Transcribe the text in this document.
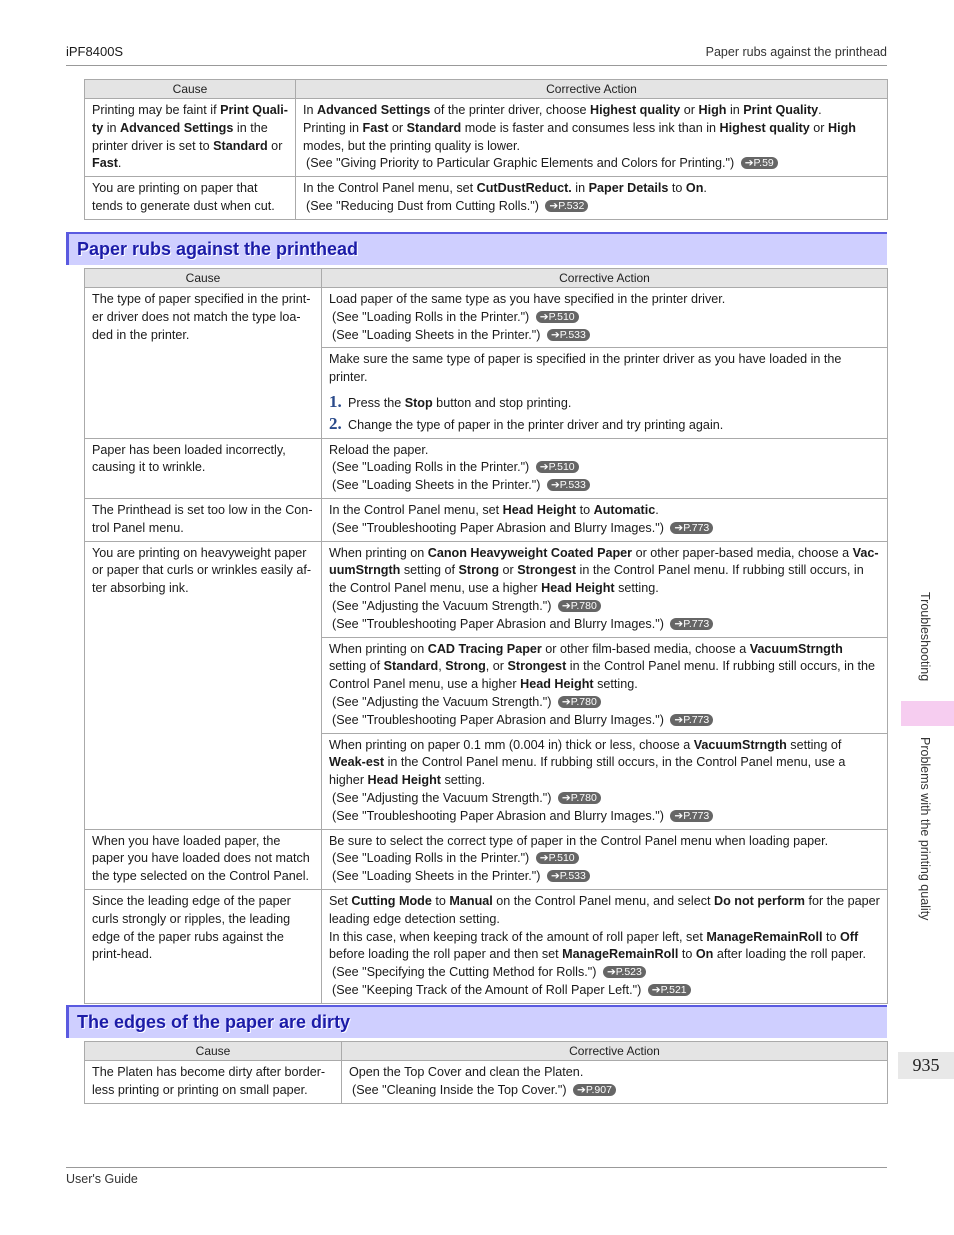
iPF8400S	Paper rubs against the printhead
Cause	Corrective Action
Printing may be faint if Print Quali-ty in Advanced Settings in the printer driver is set to Standard or Fast.	In Advanced Settings of the printer driver, choose Highest quality or High in Print Quality.
Printing in Fast or Standard mode is faster and consumes less ink than in Highest quality or High modes, but the printing quality is lower.

(See "Giving Priority to Particular Graphic Elements and Colors for Printing.") ➔P.59

You are printing on paper that tends to generate dust when cut.	In the Control Panel menu, set CutDustReduct. in Paper Details to On.

(See "Reducing Dust from Cutting Rolls.") ➔P.532
Paper rubs against the printhead
Cause	Corrective Action
The type of paper specified in the print-er driver does not match the type loa-ded in the printer.	Load paper of the same type as you have specified in the printer driver.

(See "Loading Rolls in the Printer.") ➔P.510
(See "Loading Sheets in the Printer.") ➔P.533

	Make sure the same type of paper is specified in the printer driver as you have loaded in the printer.

1. Press the Stop button and stop printing.
2. Change the type of paper in the printer driver and try printing again.

Paper has been loaded incorrectly, causing it to wrinkle.	Reload the paper.

(See "Loading Rolls in the Printer.") ➔P.510
(See "Loading Sheets in the Printer.") ➔P.533

The Printhead is set too low in the Con-trol Panel menu.	In the Control Panel menu, set Head Height to Automatic.

(See "Troubleshooting Paper Abrasion and Blurry Images.") ➔P.773

You are printing on heavyweight paper or paper that curls or wrinkles easily af-ter absorbing ink.	When printing on Canon Heavyweight Coated Paper or other paper-based media, choose a Vac-uumStrngth setting of Strong or Strongest in the Control Panel menu. If rubbing still occurs, in the Control Panel menu, use a higher Head Height setting.

(See "Adjusting the Vacuum Strength.") ➔P.780
(See "Troubleshooting Paper Abrasion and Blurry Images.") ➔P.773

	When printing on CAD Tracing Paper or other film-based media, choose a VacuumStrngth setting of Standard, Strong, or Strongest in the Control Panel menu. If rubbing still occurs, in the Control Panel menu, use a higher Head Height setting.

(See "Adjusting the Vacuum Strength.") ➔P.780
(See "Troubleshooting Paper Abrasion and Blurry Images.") ➔P.773

	When printing on paper 0.1 mm (0.004 in) thick or less, choose a VacuumStrngth setting of Weak-est in the Control Panel menu. If rubbing still occurs, in the Control Panel menu, use a higher Head Height setting.

(See "Adjusting the Vacuum Strength.") ➔P.780
(See "Troubleshooting Paper Abrasion and Blurry Images.") ➔P.773

When you have loaded paper, the paper you have loaded does not match the type selected on the Control Panel.	Be sure to select the correct type of paper in the Control Panel menu when loading paper.

(See "Loading Rolls in the Printer.") ➔P.510
(See "Loading Sheets in the Printer.") ➔P.533

Since the leading edge of the paper curls strongly or ripples, the leading edge of the paper rubs against the print-head.	Set Cutting Mode to Manual on the Control Panel menu, and select Do not perform for the paper leading edge detection setting.
In this case, when keeping track of the amount of roll paper left, set ManageRemainRoll to Off before loading the roll paper and then set ManageRemainRoll to On after loading the roll paper.

(See "Specifying the Cutting Method for Rolls.") ➔P.523
(See "Keeping Track of the Amount of Roll Paper Left.") ➔P.521
The edges of the paper are dirty
Cause	Corrective Action
The Platen has become dirty after border-less printing or printing on small paper.	Open the Top Cover and clean the Platen.

(See "Cleaning Inside the Top Cover.") ➔P.907
Troubleshooting
Problems with the printing quality
935
User's Guide
